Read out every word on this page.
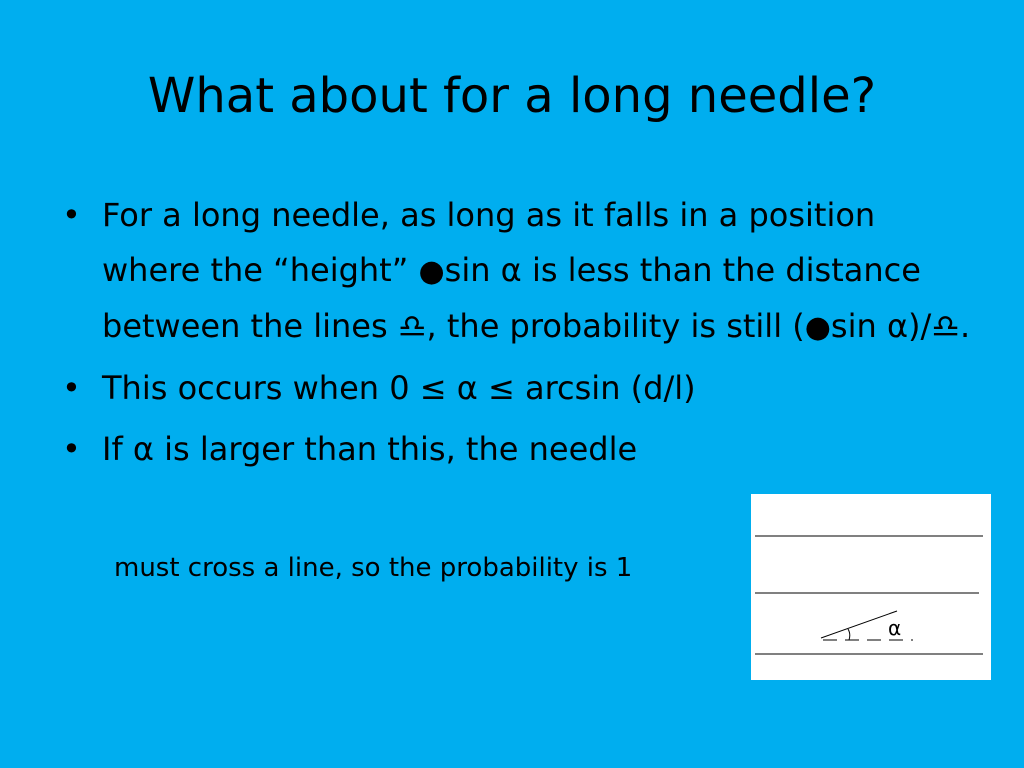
What about for a long needle?
• For a long needle, as long as it falls in a position where the “height” ●sin α is less than the distance between the lines ♎, the probability is still (●sin α)/♎.
• This occurs when 0 ≤ α ≤ arcsin (d/l)
• If α is larger than this, the needle
must cross a line, so the probability is 1
α
